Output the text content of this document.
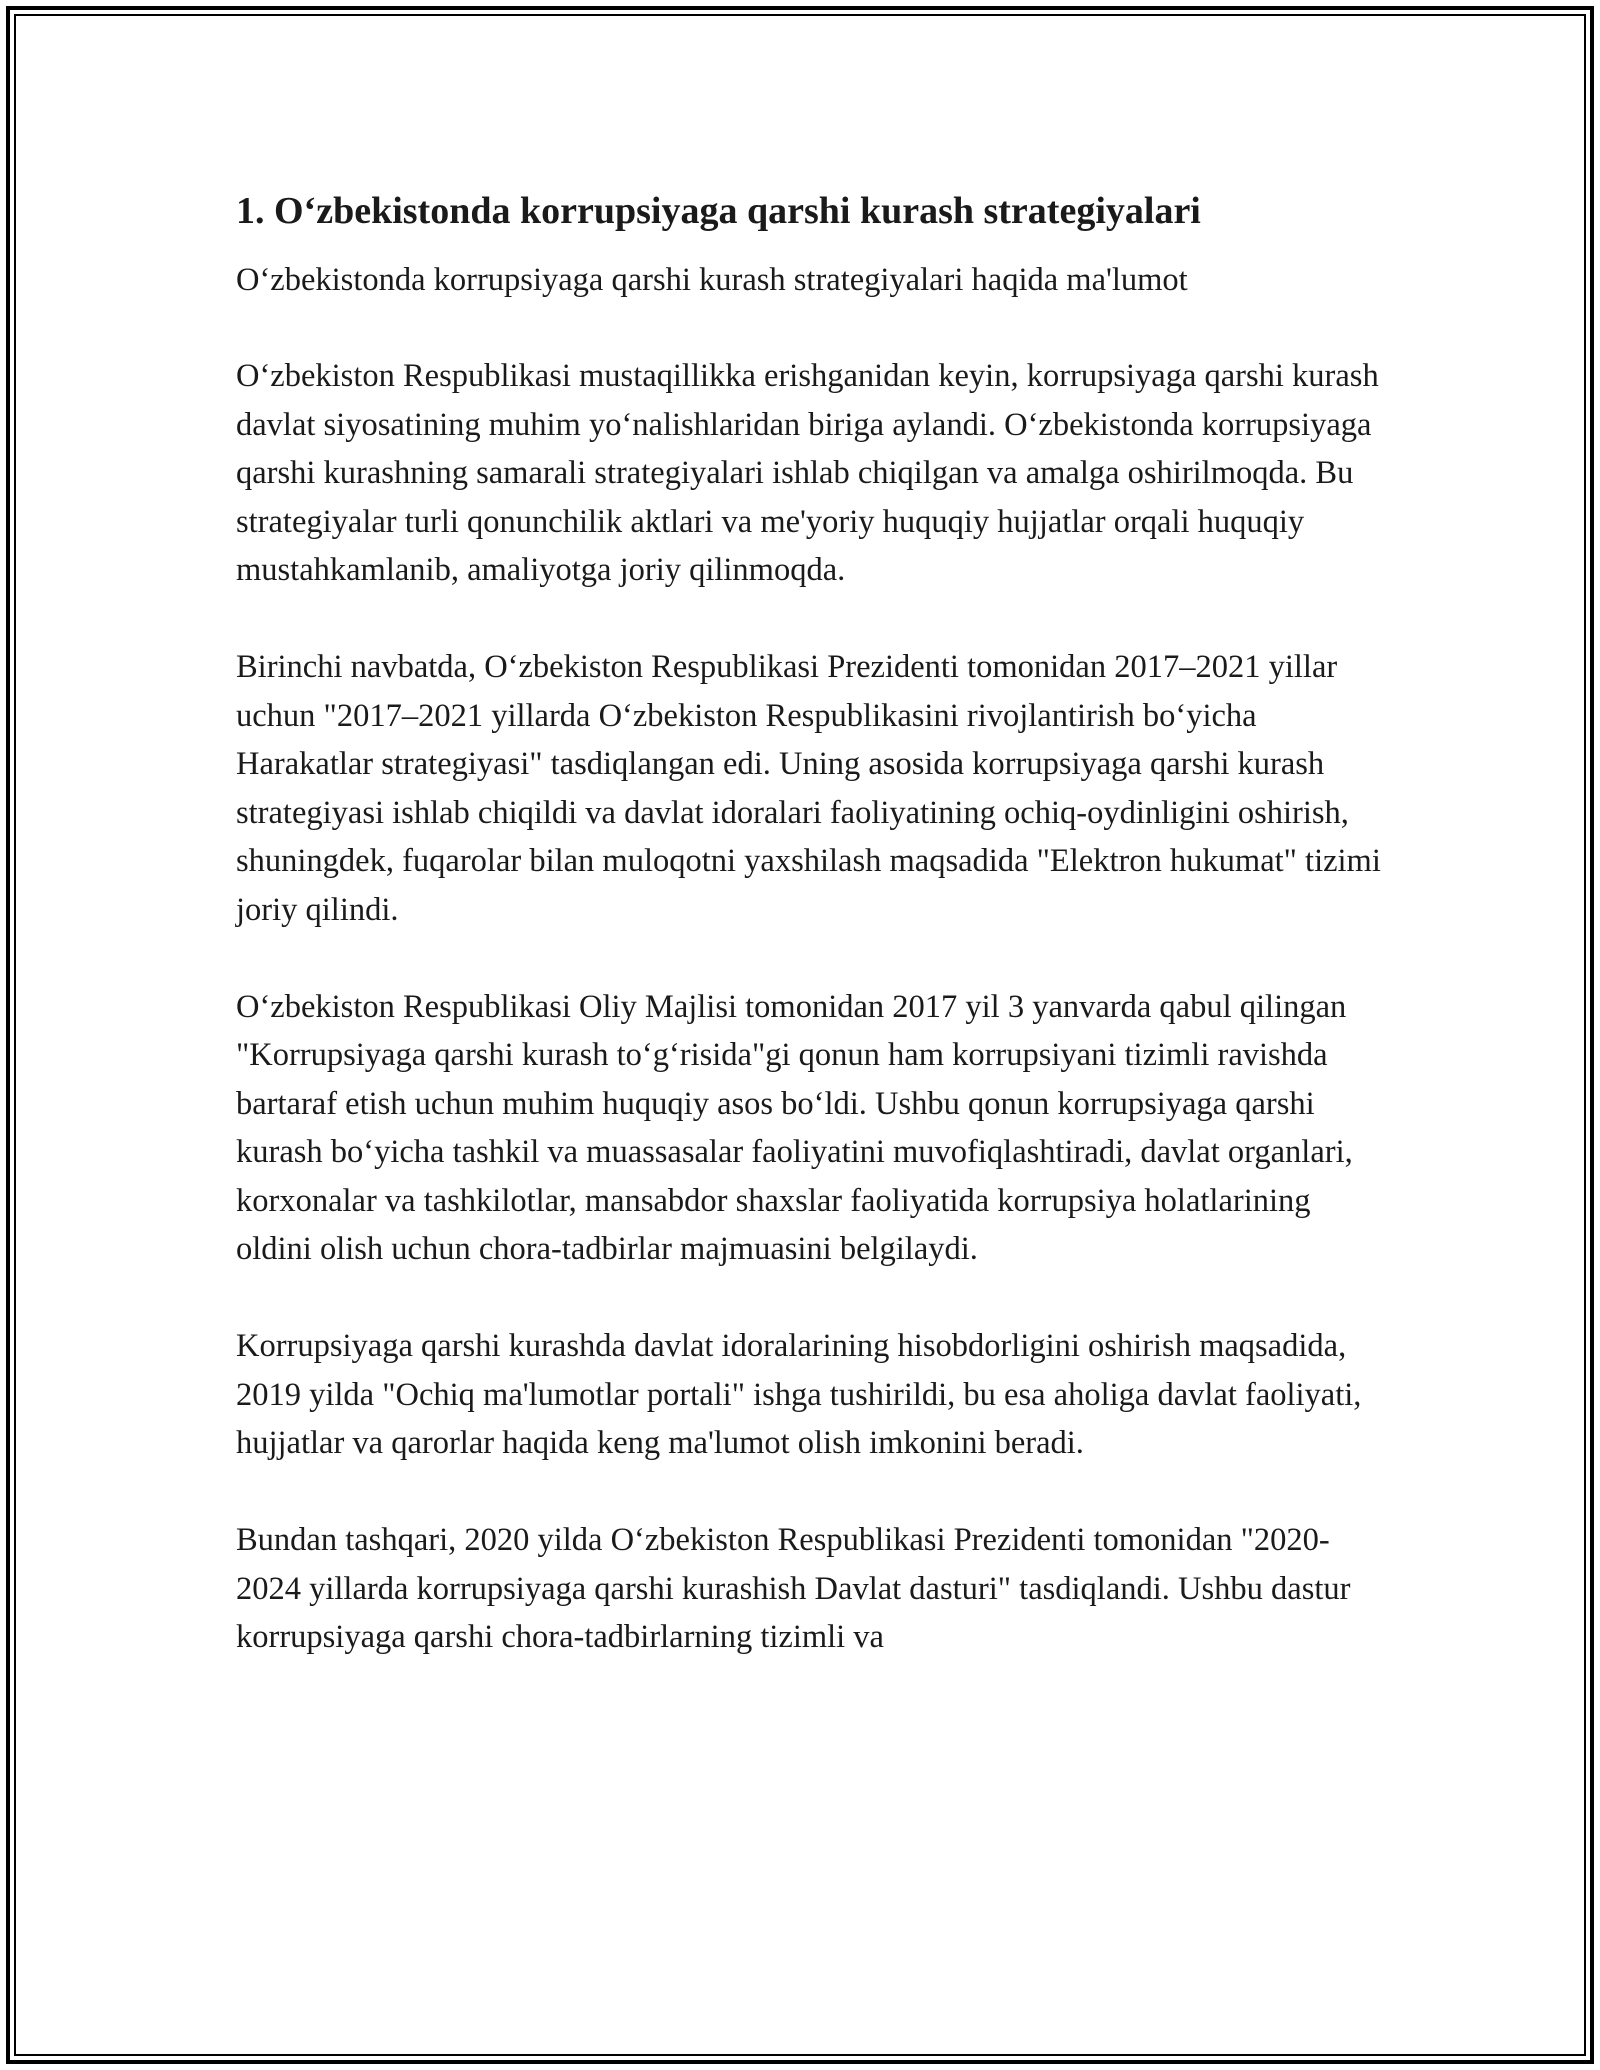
1. O‘zbekistonda korrupsiyaga qarshi kurash strategiyalari

O‘zbekistonda korrupsiyaga qarshi kurash strategiyalari haqida ma'lumot

O‘zbekiston Respublikasi mustaqillikka erishganidan keyin, korrupsiyaga qarshi kurash davlat siyosatining muhim yo‘nalishlaridan biriga aylandi. O‘zbekistonda korrupsiyaga qarshi kurashning samarali strategiyalari ishlab chiqilgan va amalga oshirilmoqda. Bu strategiyalar turli qonunchilik aktlari va me'yoriy huquqiy hujjatlar orqali huquqiy mustahkamlanib, amaliyotga joriy qilinmoqda.

Birinchi navbatda, O‘zbekiston Respublikasi Prezidenti tomonidan 2017–2021 yillar uchun "2017–2021 yillarda O‘zbekiston Respublikasini rivojlantirish bo‘yicha Harakatlar strategiyasi" tasdiqlangan edi. Uning asosida korrupsiyaga qarshi kurash strategiyasi ishlab chiqildi va davlat idoralari faoliyatining ochiq-oydinligini oshirish, shuningdek, fuqarolar bilan muloqotni yaxshilash maqsadida "Elektron hukumat" tizimi joriy qilindi.

O‘zbekiston Respublikasi Oliy Majlisi tomonidan 2017 yil 3 yanvarda qabul qilingan "Korrupsiyaga qarshi kurash to‘g‘risida"gi qonun ham korrupsiyani tizimli ravishda bartaraf etish uchun muhim huquqiy asos bo‘ldi. Ushbu qonun korrupsiyaga qarshi kurash bo‘yicha tashkil va muassasalar faoliyatini muvofiqlashtiradi, davlat organlari, korxonalar va tashkilotlar, mansabdor shaxslar faoliyatida korrupsiya holatlarining oldini olish uchun chora-tadbirlar majmuasini belgilaydi.

Korrupsiyaga qarshi kurashda davlat idoralarining hisobdorligini oshirish maqsadida, 2019 yilda "Ochiq ma'lumotlar portali" ishga tushirildi, bu esa aholiga davlat faoliyati, hujjatlar va qarorlar haqida keng ma'lumot olish imkonini beradi.

Bundan tashqari, 2020 yilda O‘zbekiston Respublikasi Prezidenti tomonidan "2020-2024 yillarda korrupsiyaga qarshi kurashish Davlat dasturi" tasdiqlandi. Ushbu dastur korrupsiyaga qarshi chora-tadbirlarning tizimli va
